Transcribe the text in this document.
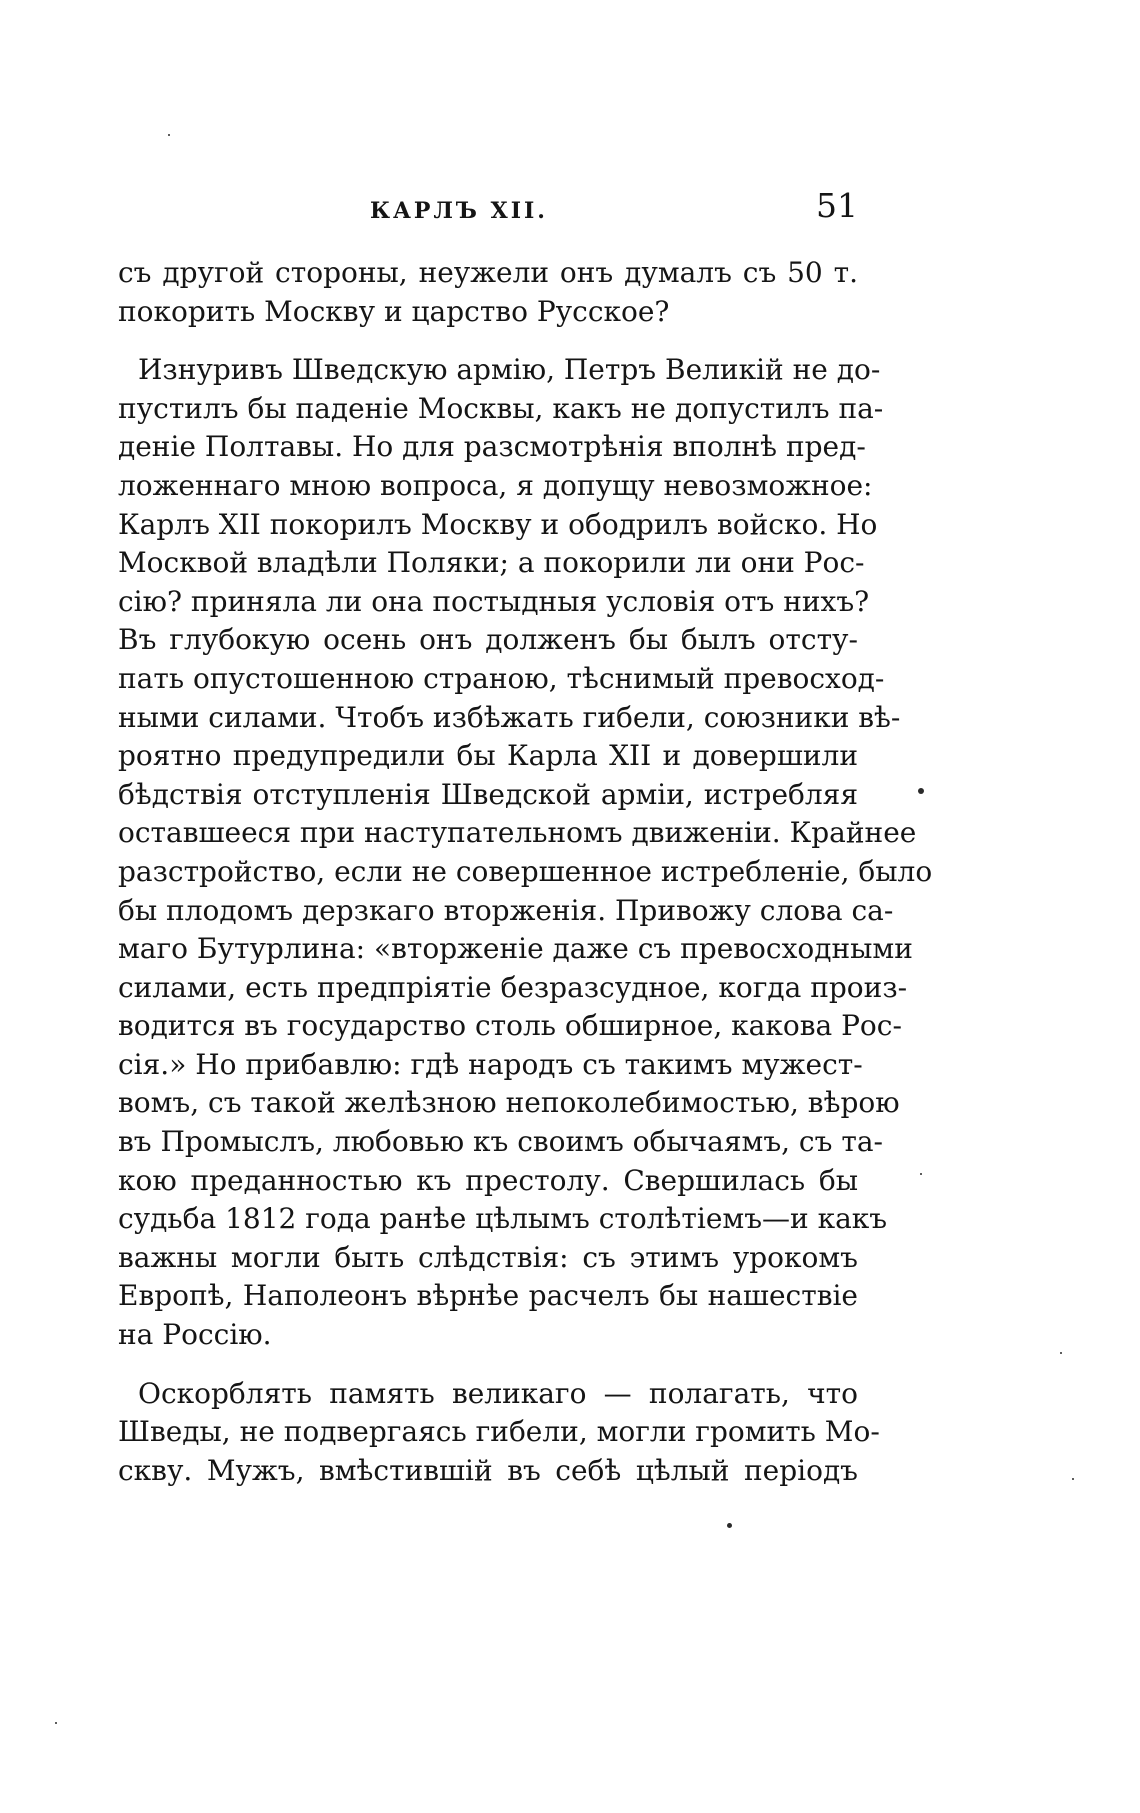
КАРЛЪ XII.	51
съ другой стороны, неужели онъ думалъ съ 50 т.
покорить Москву и царство Русское?
Изнуривъ Шведскую армію, Петръ Великій не до-
пустилъ бы паденіе Москвы, какъ не допустилъ па-
деніе Полтавы. Но для разсмотрѣнія вполнѣ пред-
ложеннаго мною вопроса, я допущу невозможное:
Карлъ XII покорилъ Москву и ободрилъ войско. Но
Москвой владѣли Поляки; а покорили ли они Рос-
сію? приняла ли она постыдныя условія отъ нихъ?
Въ глубокую осень онъ долженъ бы былъ отсту-
пать опустошенною страною, тѣснимый превосход-
ными силами. Чтобъ избѣжать гибели, союзники вѣ-
роятно предупредили бы Карла XII и довершили
бѣдствія отступленія Шведской арміи, истребляя
оставшееся при наступательномъ движеніи. Крайнее
разстройство, если не совершенное истребленіе, было
бы плодомъ дерзкаго вторженія. Привожу слова са-
маго Бутурлина: «вторженіе даже съ превосходными
силами, есть предпріятіе безразсудное, когда произ-
водится въ государство столь обширное, какова Рос-
сія.» Но прибавлю: гдѣ народъ съ такимъ мужест-
вомъ, съ такой желѣзною непоколебимостью, вѣрою
въ Промыслъ, любовью къ своимъ обычаямъ, съ та-
кою преданностью къ престолу. Свершилась бы
судьба 1812 года ранѣе цѣлымъ столѣтіемъ—и какъ
важны могли быть слѣдствія: съ этимъ урокомъ
Европѣ, Наполеонъ вѣрнѣе расчелъ бы нашествіе
на Россію.
Оскорблять память великаго — полагать, что
Шведы, не подвергаясь гибели, могли громить Мо-
скву. Мужъ, вмѣстившій въ себѣ цѣлый періодъ
